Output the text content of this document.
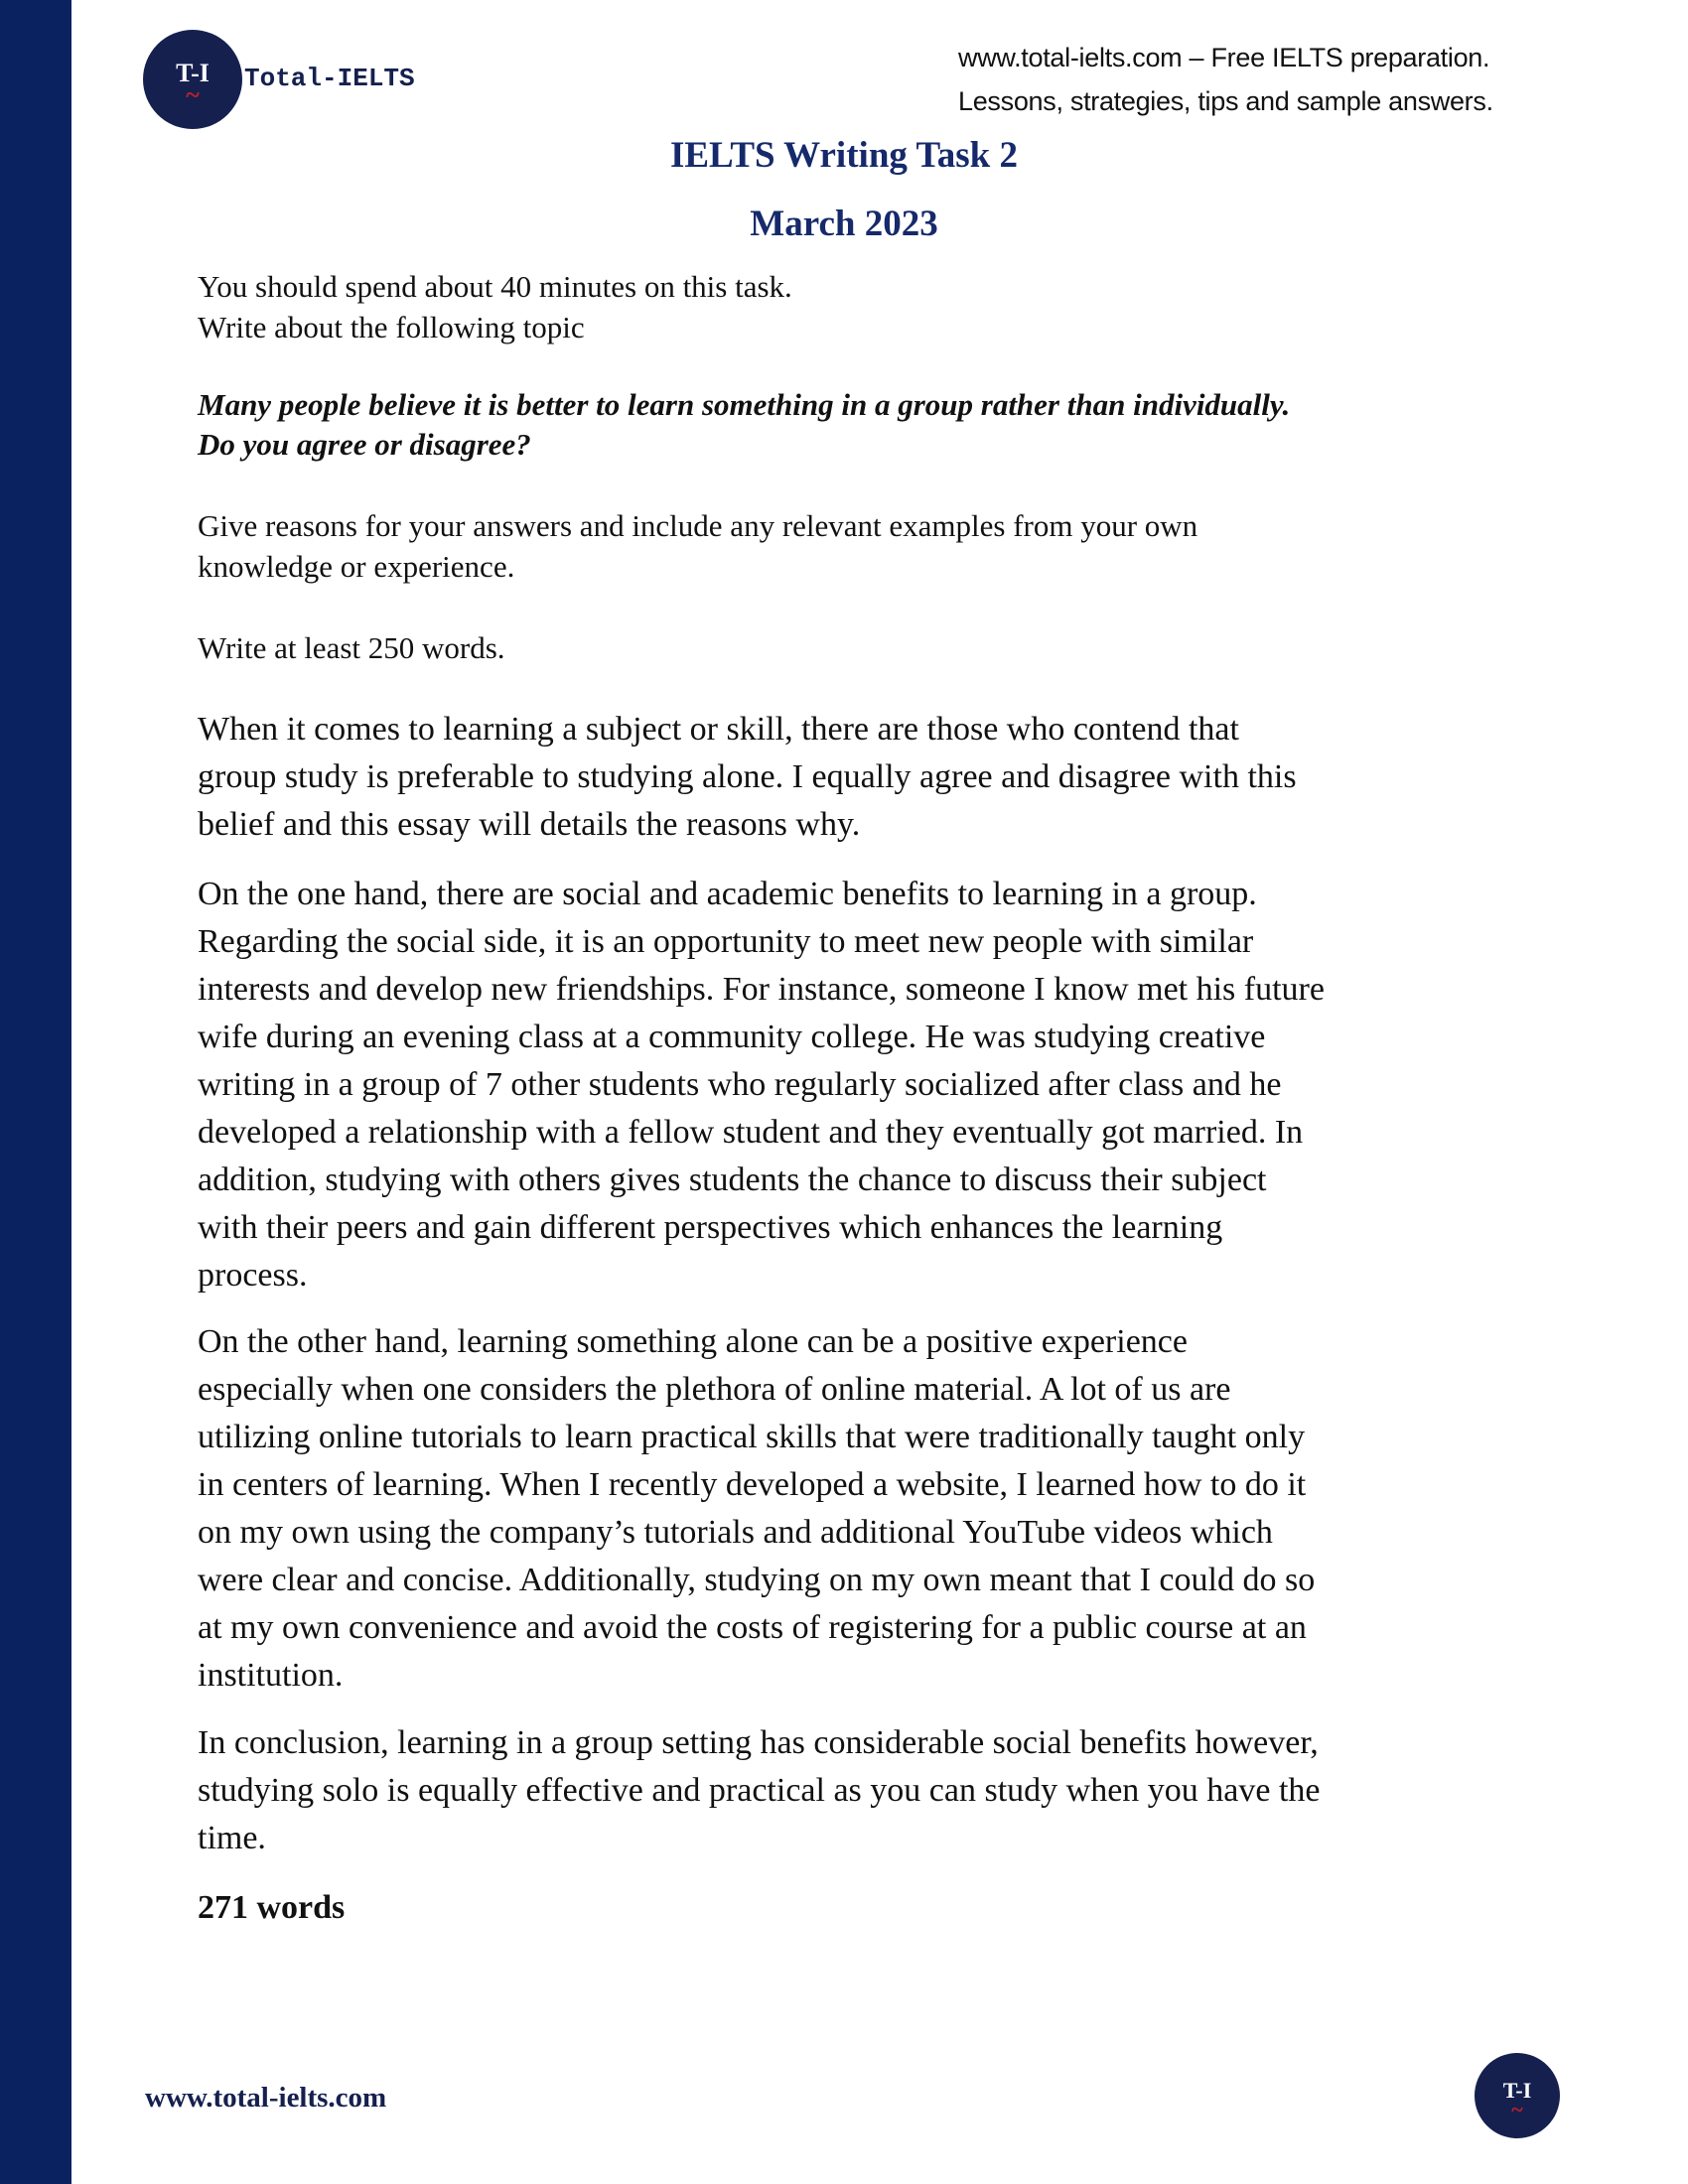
T-I
~
Total-IELTS
www.total-ielts.com – Free IELTS preparation.
Lessons, strategies, tips and sample answers.
IELTS Writing Task 2
March 2023
You should spend about 40 minutes on this task.
Write about the following topic
Many people believe it is better to learn something in a group rather than individually.
Do you agree or disagree?
Give reasons for your answers and include any relevant examples from your own
knowledge or experience.
Write at least 250 words.
When it comes to learning a subject or skill, there are those who contend that
group study is preferable to studying alone. I equally agree and disagree with this
belief and this essay will details the reasons why.
On the one hand, there are social and academic benefits to learning in a group.
Regarding the social side, it is an opportunity to meet new people with similar
interests and develop new friendships. For instance, someone I know met his future
wife during an evening class at a community college. He was studying creative
writing in a group of 7 other students who regularly socialized after class and he
developed a relationship with a fellow student and they eventually got married. In
addition, studying with others gives students the chance to discuss their subject
with their peers and gain different perspectives which enhances the learning
process.
On the other hand, learning something alone can be a positive experience
especially when one considers the plethora of online material. A lot of us are
utilizing online tutorials to learn practical skills that were traditionally taught only
in centers of learning. When I recently developed a website, I learned how to do it
on my own using the company’s tutorials and additional YouTube videos which
were clear and concise. Additionally, studying on my own meant that I could do so
at my own convenience and avoid the costs of registering for a public course at an
institution.
In conclusion, learning in a group setting has considerable social benefits however,
studying solo is equally effective and practical as you can study when you have the
time.
271 words
www.total-ielts.com	T-I
~
